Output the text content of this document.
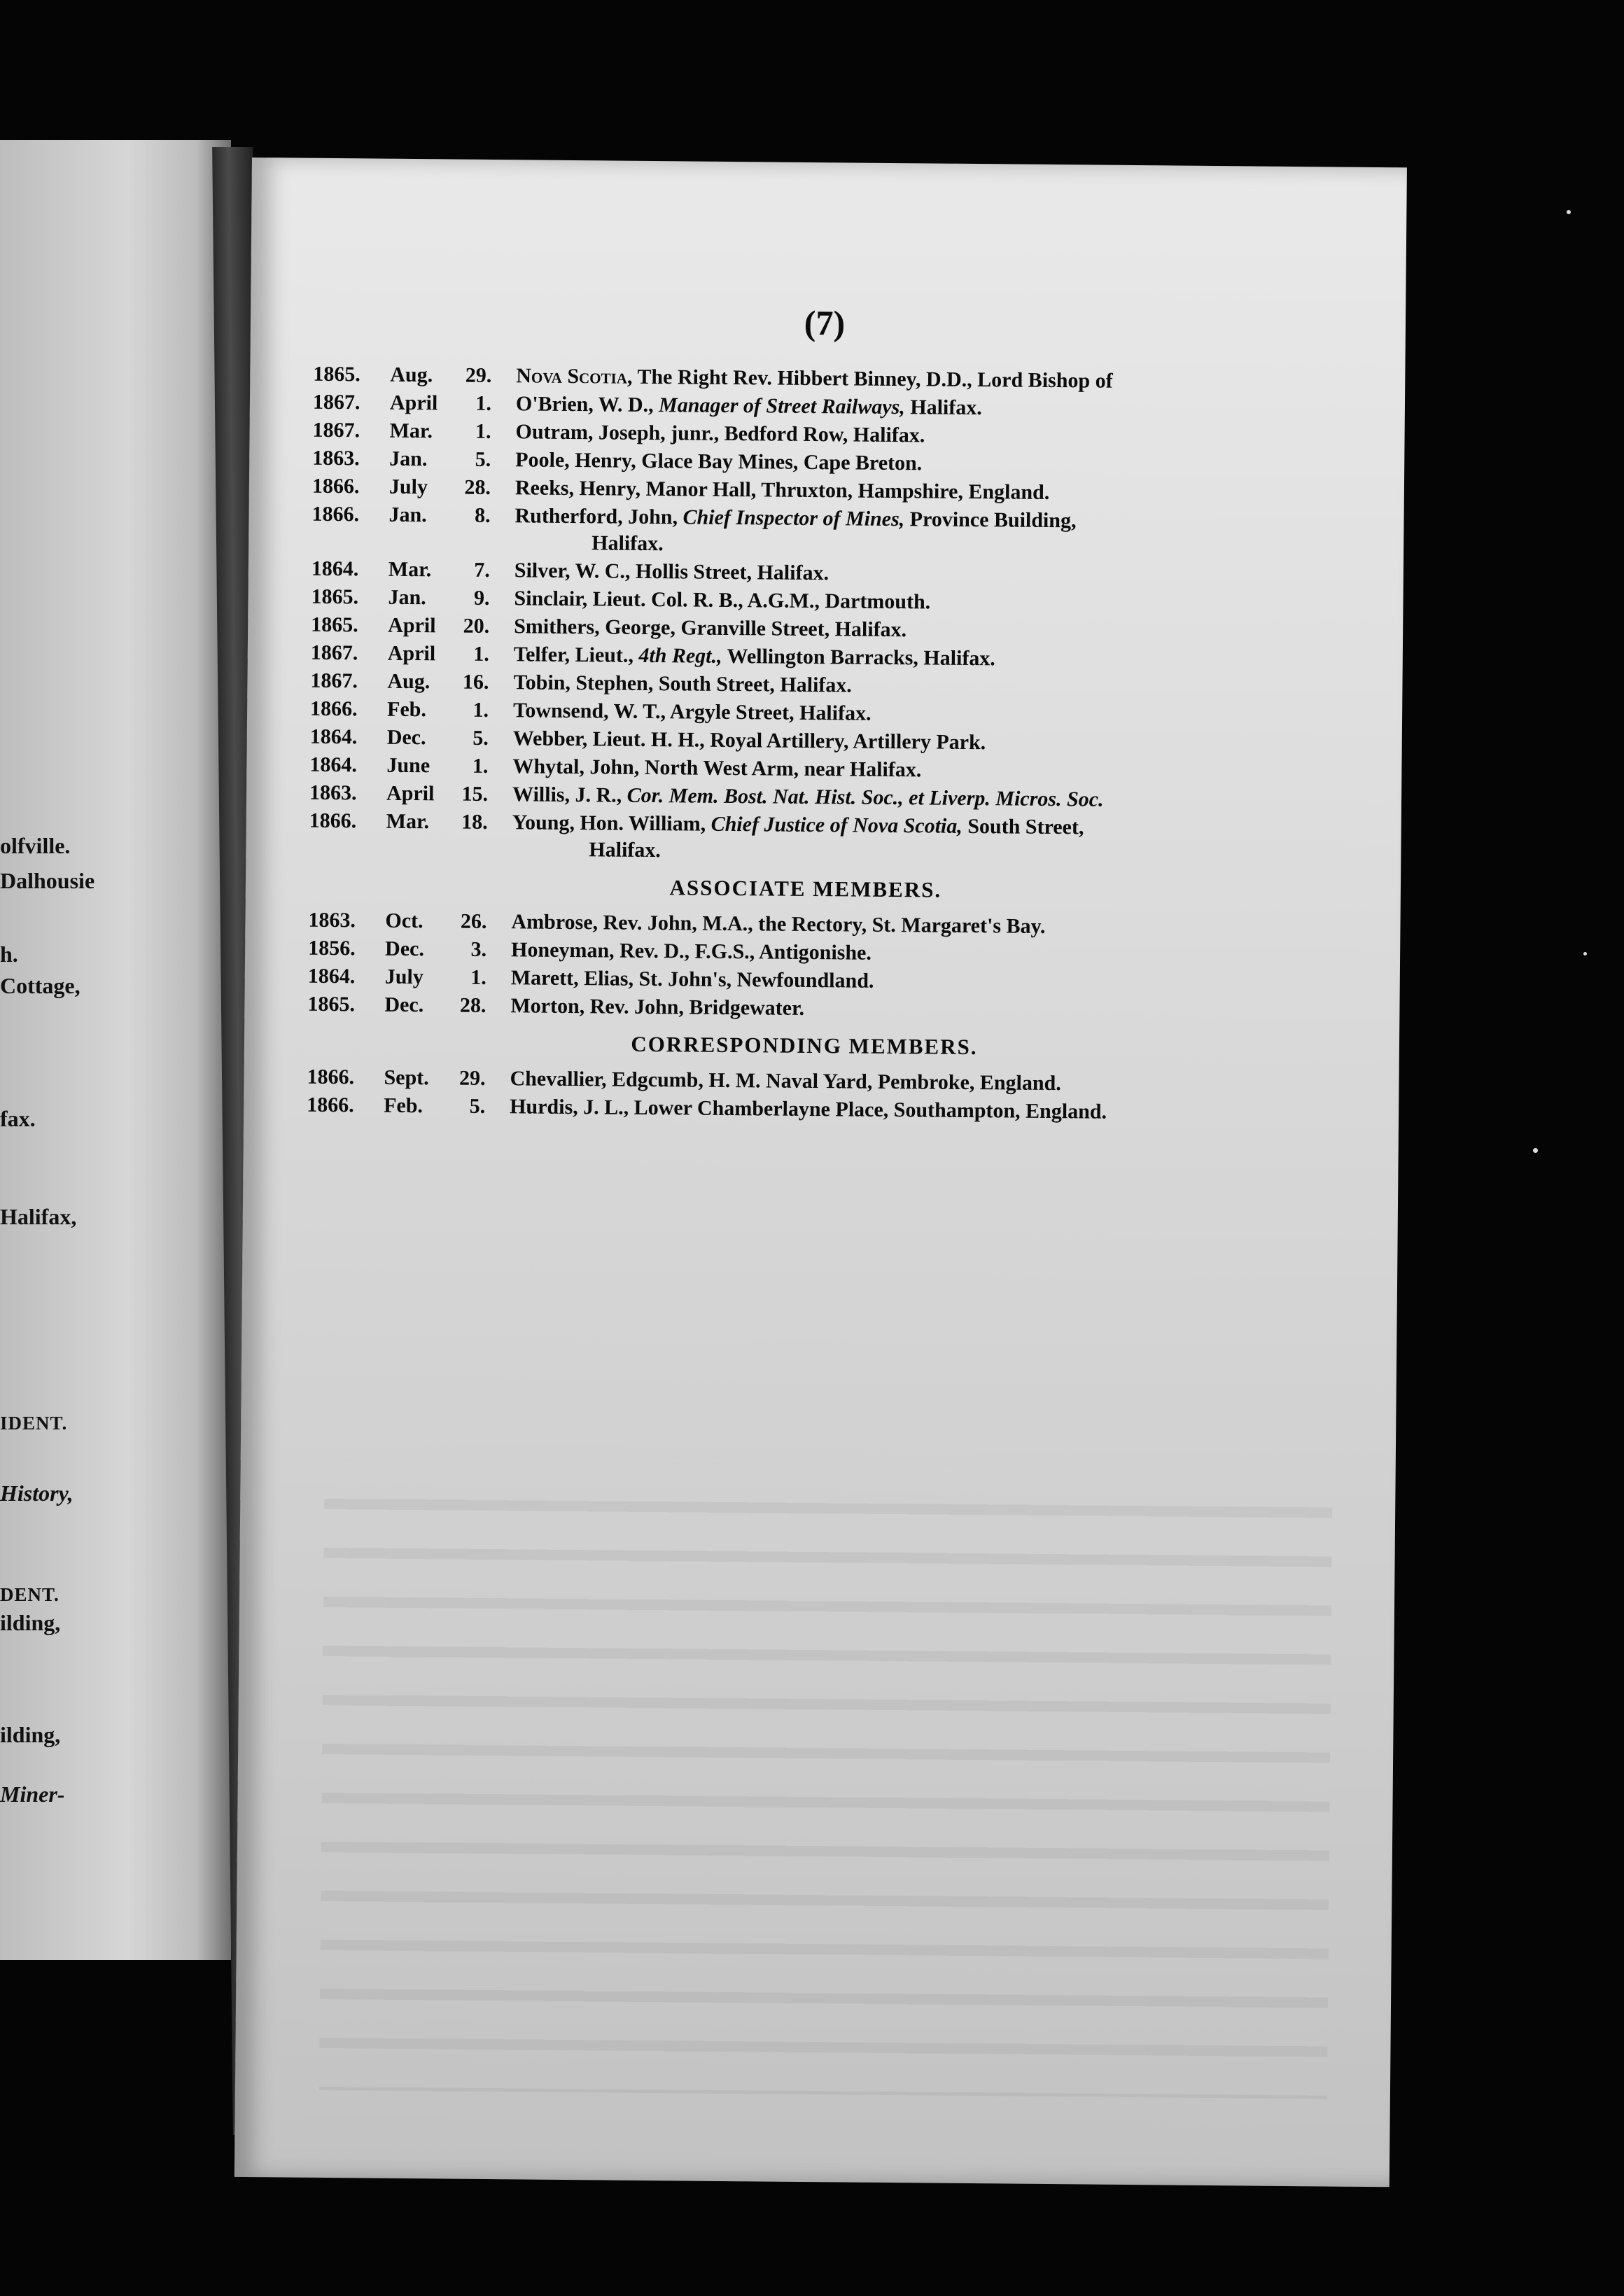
olfville.

Dalhousie

h.

Cottage,

fax.

Halifax,

IDENT.

History,

DENT.

ilding,

ilding,

Miner-

(7)

1865.	Aug.	29. Nova Scotia, The Right Rev. Hibbert Binney, D.D., Lord Bishop of
1867.	April	1. O'Brien, W. D., Manager of Street Railways, Halifax.
1867.	Mar.	1. Outram, Joseph, junr., Bedford Row, Halifax.
1863.	Jan.	5. Poole, Henry, Glace Bay Mines, Cape Breton.
1866.	July	28. Reeks, Henry, Manor Hall, Thruxton, Hampshire, England.
1866.	Jan.	8. Rutherford, John, Chief Inspector of Mines, Province Building,
Halifax.
1864.	Mar.	7. Silver, W. C., Hollis Street, Halifax.
1865.	Jan.	9. Sinclair, Lieut. Col. R. B., A.G.M., Dartmouth.
1865.	April	20. Smithers, George, Granville Street, Halifax.
1867.	April	1. Telfer, Lieut., 4th Regt., Wellington Barracks, Halifax.
1867.	Aug.	16. Tobin, Stephen, South Street, Halifax.
1866.	Feb.	1. Townsend, W. T., Argyle Street, Halifax.
1864.	Dec.	5. Webber, Lieut. H. H., Royal Artillery, Artillery Park.
1864.	June	1. Whytal, John, North West Arm, near Halifax.
1863.	April	15. Willis, J. R., Cor. Mem. Bost. Nat. Hist. Soc., et Liverp. Micros. Soc.
1866.	Mar.	18. Young, Hon. William, Chief Justice of Nova Scotia, South Street,
Halifax.
ASSOCIATE MEMBERS.
1863.	Oct.	26. Ambrose, Rev. John, M.A., the Rectory, St. Margaret's Bay.
1856.	Dec.	3. Honeyman, Rev. D., F.G.S., Antigonishe.
1864.	July	1. Marett, Elias, St. John's, Newfoundland.
1865.	Dec.	28. Morton, Rev. John, Bridgewater.
CORRESPONDING MEMBERS.
1866.	Sept.	29. Chevallier, Edgcumb, H. M. Naval Yard, Pembroke, England.
1866.	Feb.	5. Hurdis, J. L., Lower Chamberlayne Place, Southampton, England.
